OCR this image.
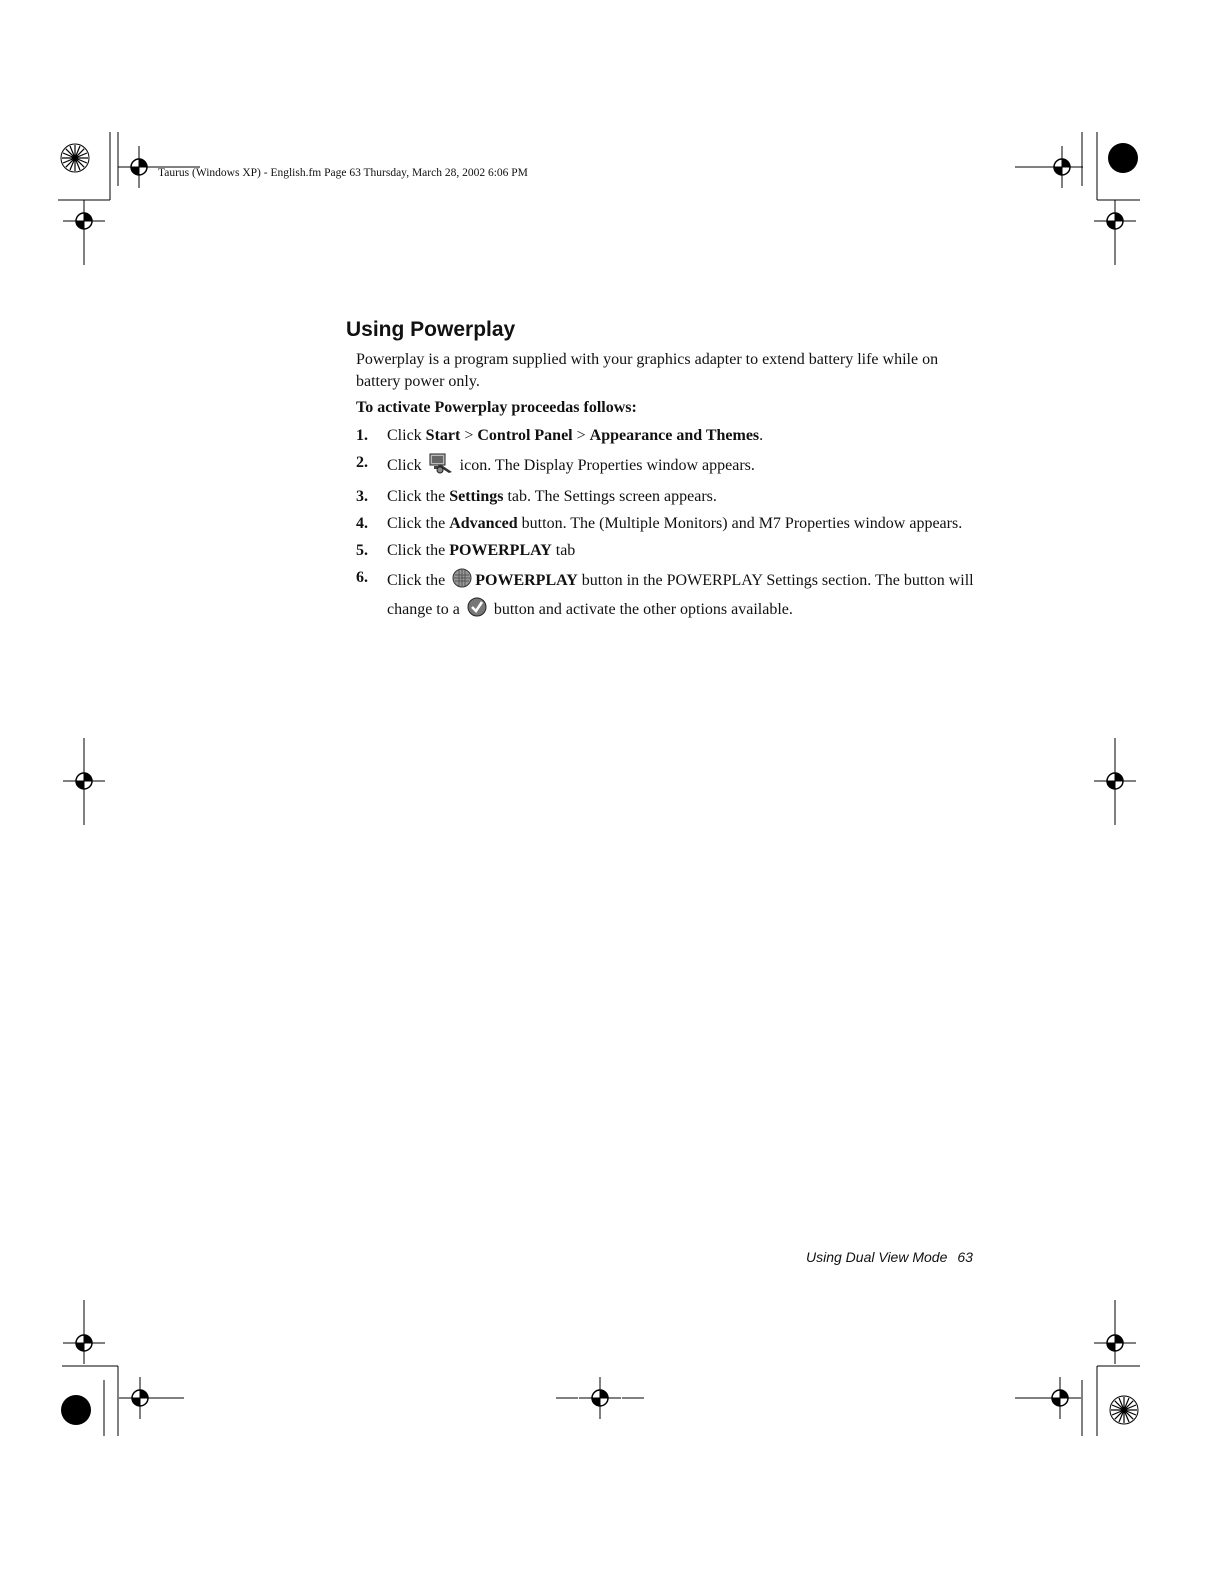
Taurus (Windows XP) - English.fm Page 63 Thursday, March 28, 2002 6:06 PM
Using Powerplay

Powerplay is a program supplied with your graphics adapter to extend battery life while on battery power only.

To activate Powerplay proceedas follows:

1. Click Start > Control Panel > Appearance and Themes.
2. Click  icon. The Display Properties window appears.
3. Click the Settings tab. The Settings screen appears.
4. Click the Advanced button. The (Multiple Monitors) and M7 Properties window appears.
5. Click the POWERPLAY tab
6. Click the POWERPLAY button in the POWERPLAY Settings section. The button will change to a  button and activate the other options available.
Using Dual View Mode 63
